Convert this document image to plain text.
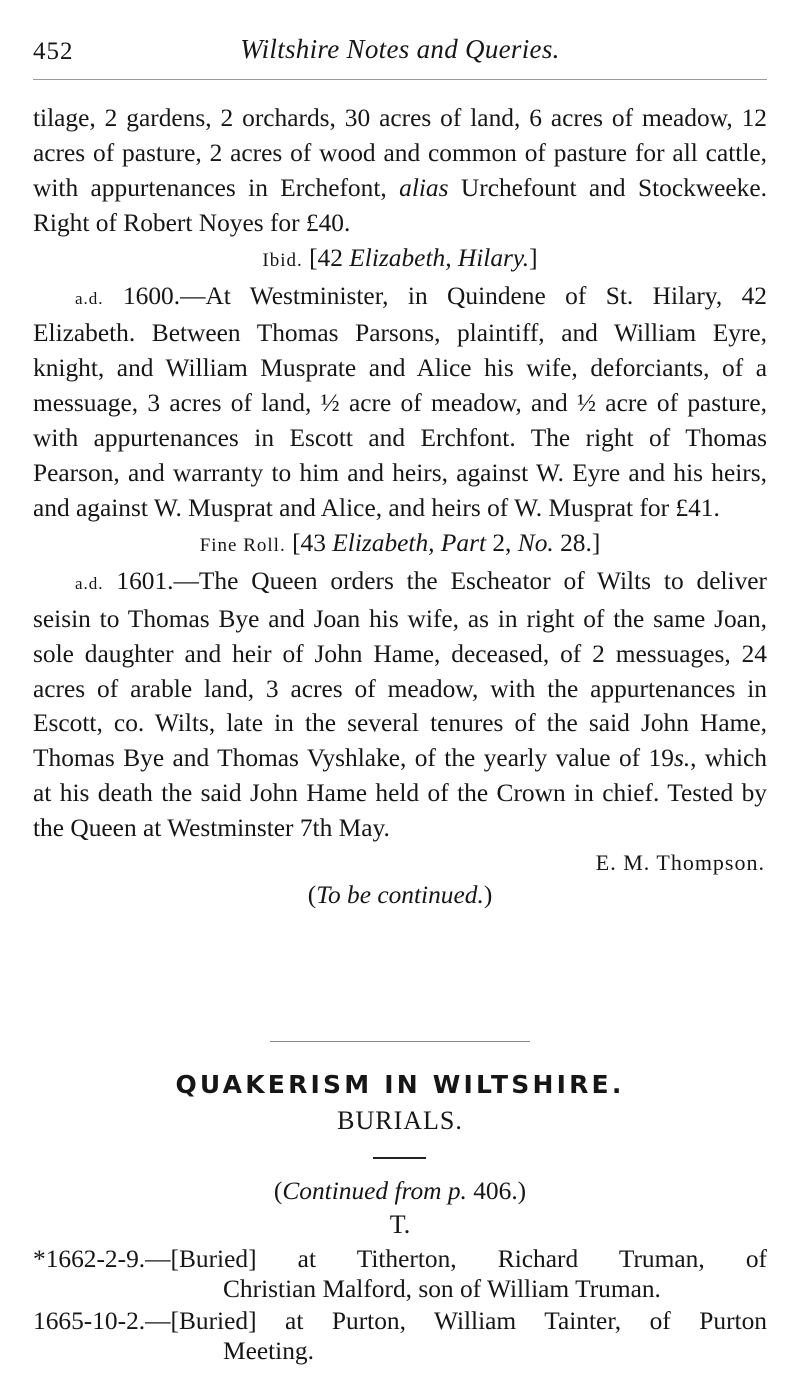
452	Wiltshire Notes and Queries.

tilage, 2 gardens, 2 orchards, 30 acres of land, 6 acres of meadow, 12 acres of pasture, 2 acres of wood and common of pasture for all cattle, with appurtenances in Erchefont, alias Urchefount and Stockweeke. Right of Robert Noyes for £40.

Ibid. [42 Elizabeth, Hilary.]

a.d. 1600.—At Westminister, in Quindene of St. Hilary, 42 Elizabeth. Between Thomas Parsons, plaintiff, and William Eyre, knight, and William Musprate and Alice his wife, deforciants, of a messuage, 3 acres of land, ½ acre of meadow, and ½ acre of pasture, with appurtenances in Escott and Erchfont. The right of Thomas Pearson, and warranty to him and heirs, against W. Eyre and his heirs, and against W. Musprat and Alice, and heirs of W. Musprat for £41.

Fine Roll. [43 Elizabeth, Part 2, No. 28.]

a.d. 1601.—The Queen orders the Escheator of Wilts to deliver seisin to Thomas Bye and Joan his wife, as in right of the same Joan, sole daughter and heir of John Hame, deceased, of 2 messuages, 24 acres of arable land, 3 acres of meadow, with the appurtenances in Escott, co. Wilts, late in the several tenures of the said John Hame, Thomas Bye and Thomas Vyshlake, of the yearly value of 19s., which at his death the said John Hame held of the Crown in chief. Tested by the Queen at Westminster 7th May.

E. M. Thompson.

(To be continued.)

QUAKERISM IN WILTSHIRE.
BURIALS.
(Continued from p. 406.)
T.
*1662-2-9.—[Buried] at Titherton, Richard Truman, of
Christian Malford, son of William Truman.
1665-10-2.—[Buried] at Purton, William Tainter, of Purton
Meeting.
